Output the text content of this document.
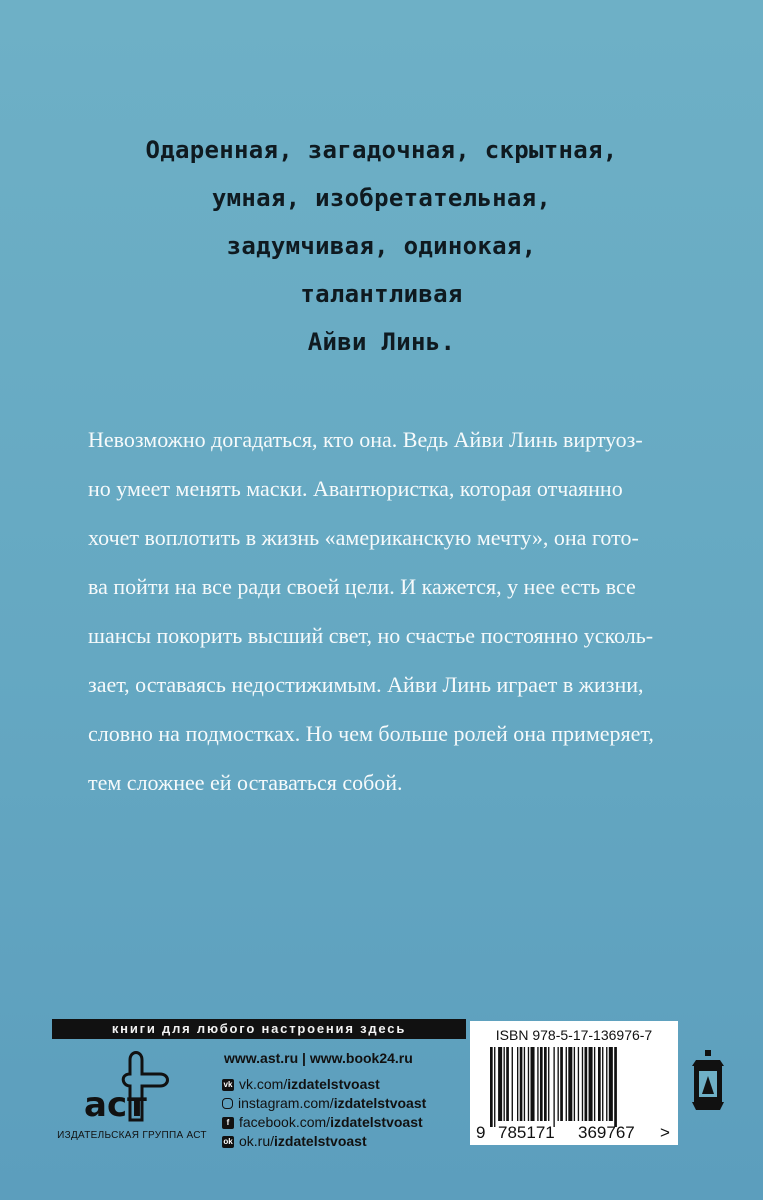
Одаренная, загадочная, скрытная,
умная, изобретательная,
задумчивая, одинокая,
талантливая
Айви Линь.
Невозможно догадаться, кто она. Ведь Айви Линь виртуоз-
но умеет менять маски. Авантюристка, которая отчаянно
хочет воплотить в жизнь «американскую мечту», она гото-
ва пойти на все ради своей цели. И кажется, у нее есть все
шансы покорить высший свет, но счастье постоянно усколь-
зает, оставаясь недостижимым. Айви Линь играет в жизни,
словно на подмостках. Но чем больше ролей она примеряет,
тем сложнее ей оставаться собой.
книги для любого настроения здесь
аст
ИЗДАТЕЛЬСКАЯ ГРУППА АСТ
www.ast.ru | www.book24.ru
vk vk.com/ izdatelstvoast
instagram.com/ izdatelstvoast
f facebook.com/ izdatelstvoast
ok ok.ru/ izdatelstvoast
ISBN 978-5-17-136976-7
9 785171 369767 >
